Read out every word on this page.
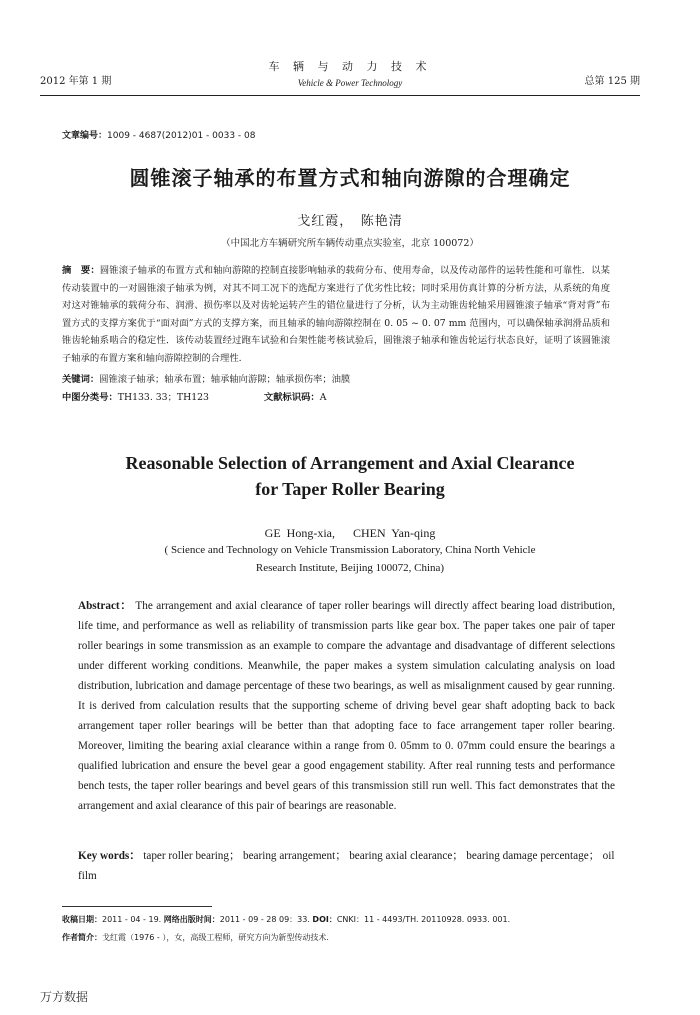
2012 年第 1 期
车 辆 与 动 力 技 术
Vehicle & Power Technology	总第 125 期
文章编号：1009 - 4687(2012)01 - 0033 - 08
圆锥滚子轴承的布置方式和轴向游隙的合理确定
戈红霞，　陈艳清
（中国北方车辆研究所车辆传动重点实验室，北京 100072）
摘　要：圆锥滚子轴承的布置方式和轴向游隙的控制直接影响轴承的载荷分布、使用寿命，以及传动部件的运转性能和可靠性．以某传动装置中的一对圆锥滚子轴承为例，对其不同工况下的选配方案进行了优劣性比较；同时采用仿真计算的分析方法，从系统的角度对这对锥轴承的载荷分布、润滑、损伤率以及对齿轮运转产生的错位量进行了分析，认为主动锥齿轮轴采用圆锥滚子轴承“背对背”布置方式的支撑方案优于“面对面”方式的支撑方案，而且轴承的轴向游隙控制在 0. 05 ~ 0. 07 mm 范围内，可以确保轴承润滑品质和锥齿轮轴系啮合的稳定性．该传动装置经过跑车试验和台架性能考核试验后，圆锥滚子轴承和锥齿轮运行状态良好，证明了该圆锥滚子轴承的布置方案和轴向游隙控制的合理性.
关键词：圆锥滚子轴承；轴承布置；轴承轴向游隙；轴承损伤率；油膜
中图分类号：TH133. 33；TH123	文献标识码：A
Reasonable Selection of Arrangement and Axial Clearance
for Taper Roller Bearing
GE Hong-xia,　 CHEN Yan-qing
( Science and Technology on Vehicle Transmission Laboratory, China North Vehicle
Research Institute, Beijing 100072, China)
Abstract： The arrangement and axial clearance of taper roller bearings will directly affect bearing load distribution, life time, and performance as well as reliability of transmission parts like gear box. The paper takes one pair of taper roller bearings in some transmission as an example to compare the advantage and disadvantage of different selections under different working conditions. Meanwhile, the paper makes a system simulation calculating analysis on load distribution, lubrication and damage percentage of these two bearings, as well as misalignment caused by gear running. It is derived from calculation results that the supporting scheme of driving bevel gear shaft adopting back to back arrangement taper roller bearings will be better than that adopting face to face arrangement taper roller bearing. Moreover, limiting the bearing axial clearance within a range from 0. 05mm to 0. 07mm could ensure the bearings a qualified lubrication and ensure the bevel gear a good engagement stability. After real running tests and performance bench tests, the taper roller bearings and bevel gears of this transmission still run well. This fact demonstrates that the arrangement and axial clearance of this pair of bearings are reasonable.
Key words： taper roller bearing； bearing arrangement； bearing axial clearance； bearing damage percentage； oil film
收稿日期：2011 - 04 - 19. 网络出版时间：2011 - 09 - 28 09：33. DOI：CNKI：11 - 4493/TH. 20110928. 0933. 001.
作者简介：戈红霞（1976 - ），女，高级工程师，研究方向为新型传动技术.
万方数据
